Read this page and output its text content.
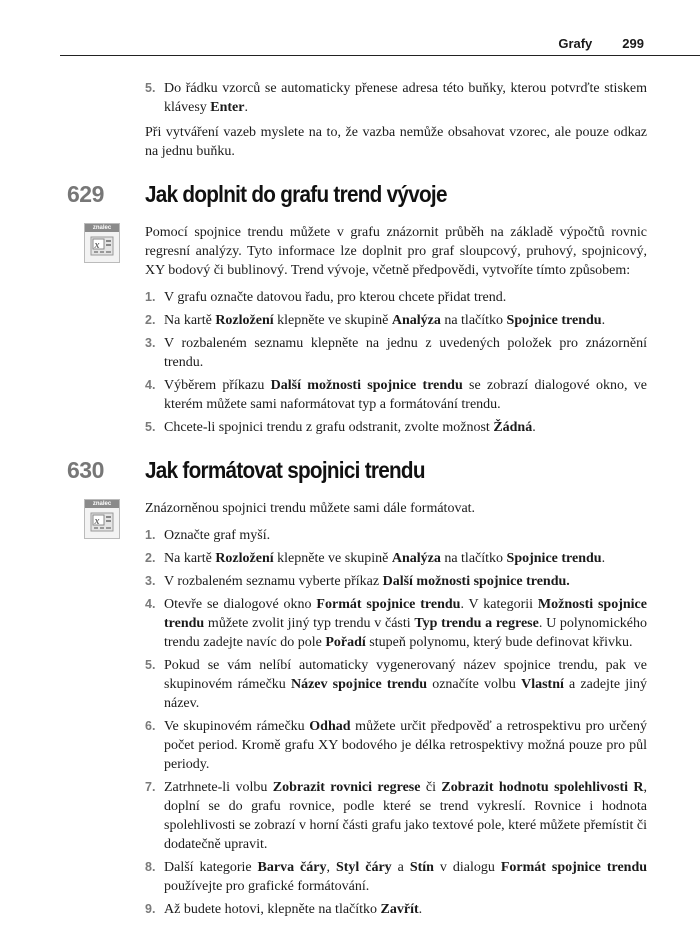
Grafy 299
5. Do řádku vzorců se automaticky přenese adresa této buňky, kterou potvrďte stiskem klávesy Enter.

Při vytváření vazeb myslete na to, že vazba nemůže obsahovat vzorec, ale pouze odkaz na jednu buňku.

629 Jak doplnit do grafu trend vývoje
znalec
x

Pomocí spojnice trendu můžete v grafu znázornit průběh na základě výpočtů rovnic regresní analýzy. Tyto informace lze doplnit pro graf sloupcový, pruhový, spojnicový, XY bodový či bublinový. Trend vývoje, včetně předpovědi, vytvoříte tímto způsobem:

1. V grafu označte datovou řadu, pro kterou chcete přidat trend.
2. Na kartě Rozložení klepněte ve skupině Analýza na tlačítko Spojnice trendu.
3. V rozbaleném seznamu klepněte na jednu z uvedených položek pro znázornění trendu.
4. Výběrem příkazu Další možnosti spojnice trendu se zobrazí dialogové okno, ve kterém můžete sami naformátovat typ a formátování trendu.
5. Chcete-li spojnici trendu z grafu odstranit, zvolte možnost Žádná.
630 Jak formátovat spojnici trendu
znalec
x

Znázorněnou spojnici trendu můžete sami dále formátovat.

1. Označte graf myší.
2. Na kartě Rozložení klepněte ve skupině Analýza na tlačítko Spojnice trendu.
3. V rozbaleném seznamu vyberte příkaz Další možnosti spojnice trendu.
4. Otevře se dialogové okno Formát spojnice trendu. V kategorii Možnosti spojnice trendu můžete zvolit jiný typ trendu v části Typ trendu a regrese. U polynomického trendu zadejte navíc do pole Pořadí stupeň polynomu, který bude definovat křivku.
5. Pokud se vám nelíbí automaticky vygenerovaný název spojnice trendu, pak ve skupinovém rámečku Název spojnice trendu označíte volbu Vlastní a zadejte jiný název.
6. Ve skupinovém rámečku Odhad můžete určit předpověď a retrospektivu pro určený počet period. Kromě grafu XY bodového je délka retrospektivy možná pouze pro půl periody.
7. Zatrhnete-li volbu Zobrazit rovnici regrese či Zobrazit hodnotu spolehlivosti R, doplní se do grafu rovnice, podle které se trend vykreslí. Rovnice i hodnota spolehlivosti se zobrazí v horní části grafu jako textové pole, které můžete přemístit či dodatečně upravit.
8. Další kategorie Barva čáry, Styl čáry a Stín v dialogu Formát spojnice trendu používejte pro grafické formátování.
9. Až budete hotovi, klepněte na tlačítko Zavřít.
